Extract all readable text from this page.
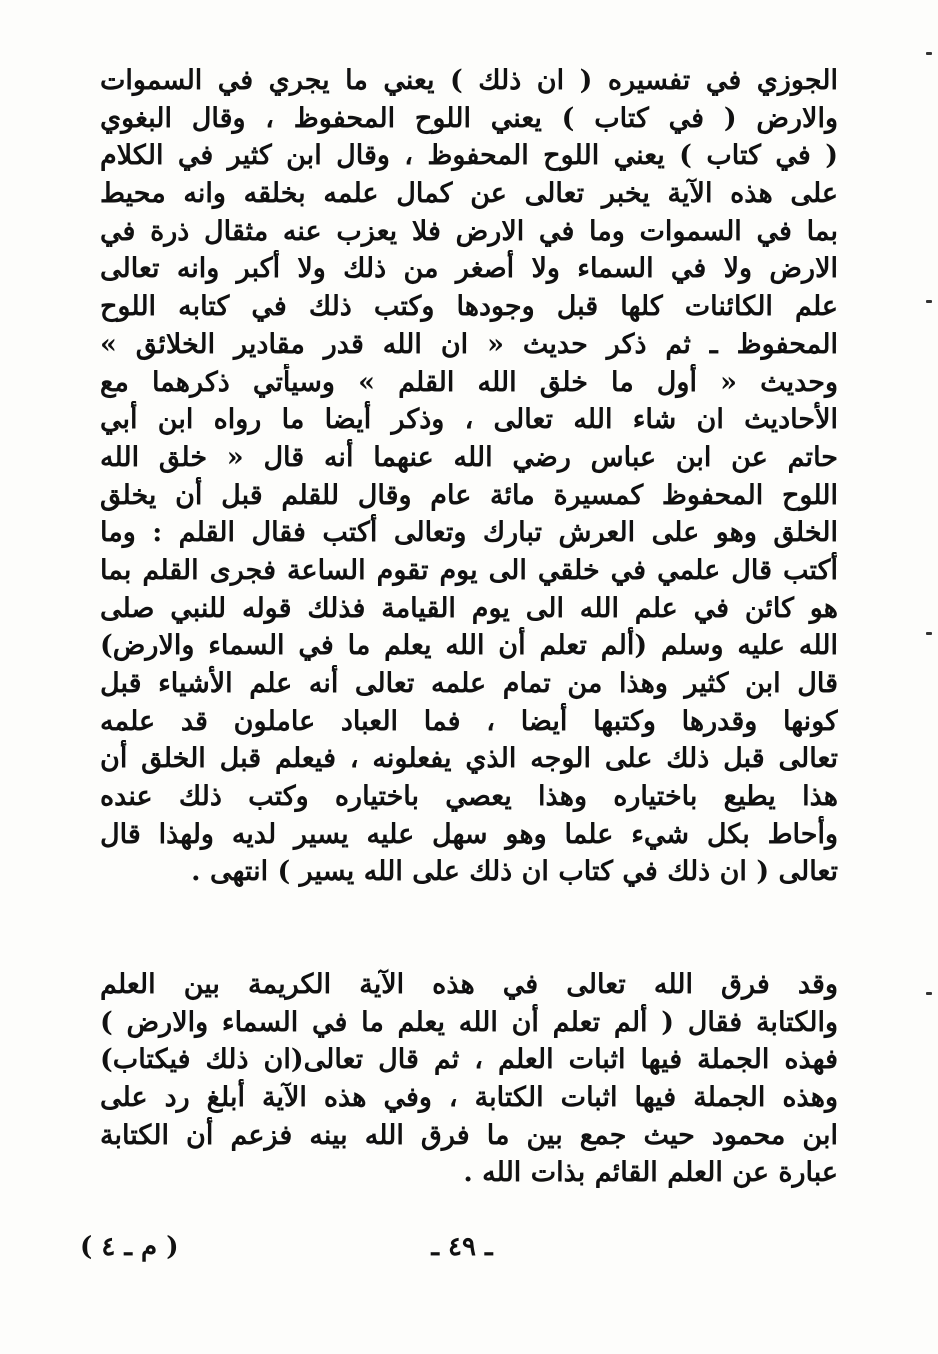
الجوزي في تفسيره ( ان ذلك ) يعني ما يجري في السموات
والارض ( في كتاب ) يعني اللوح المحفوظ ، وقال البغوي
( في كتاب ) يعني اللوح المحفوظ ، وقال ابن كثير في الكلام
على هذه الآية يخبر تعالى عن كمال علمه بخلقه وانه محيط
بما في السموات وما في الارض فلا يعزب عنه مثقال ذرة في
الارض ولا في السماء ولا أصغر من ذلك ولا أكبر وانه تعالى
علم الكائنات كلها قبل وجودها وكتب ذلك في كتابه اللوح
المحفوظ ـ ثم ذكر حديث « ان الله قدر مقادير الخلائق »
وحديث « أول ما خلق الله القلم » وسيأتي ذكرهما مع
الأحاديث ان شاء الله تعالى ، وذكر أيضا ما رواه ابن أبي
حاتم عن ابن عباس رضي الله عنهما أنه قال « خلق الله
اللوح المحفوظ كمسيرة مائة عام وقال للقلم قبل أن يخلق
الخلق وهو على العرش تبارك وتعالى أكتب فقال القلم : وما
أكتب قال علمي في خلقي الى يوم تقوم الساعة فجرى القلم بما
هو كائن في علم الله الى يوم القيامة فذلك قوله للنبي صلى
الله عليه وسلم (ألم تعلم أن الله يعلم ما في السماء والارض)
قال ابن كثير وهذا من تمام علمه تعالى أنه علم الأشياء قبل
كونها وقدرها وكتبها أيضا ، فما العباد عاملون قد علمه
تعالى قبل ذلك على الوجه الذي يفعلونه ، فيعلم قبل الخلق أن
هذا يطيع باختياره وهذا يعصي باختياره وكتب ذلك عنده
وأحاط بكل شيء علما وهو سهل عليه يسير لديه ولهذا قال
تعالى ( ان ذلك في كتاب ان ذلك على الله يسير ) انتهى .
وقد فرق الله تعالى في هذه الآية الكريمة بين العلم
والكتابة فقال ( ألم تعلم أن الله يعلم ما في السماء والارض )
فهذه الجملة فيها اثبات العلم ، ثم قال تعالى(ان ذلك فيكتاب)
وهذه الجملة فيها اثبات الكتابة ، وفي هذه الآية أبلغ رد على
ابن محمود حيث جمع بين ما فرق الله بينه فزعم أن الكتابة
عبارة عن العلم القائم بذات الله .
( م ـ ٤ )	ـ ٤٩ ـ
